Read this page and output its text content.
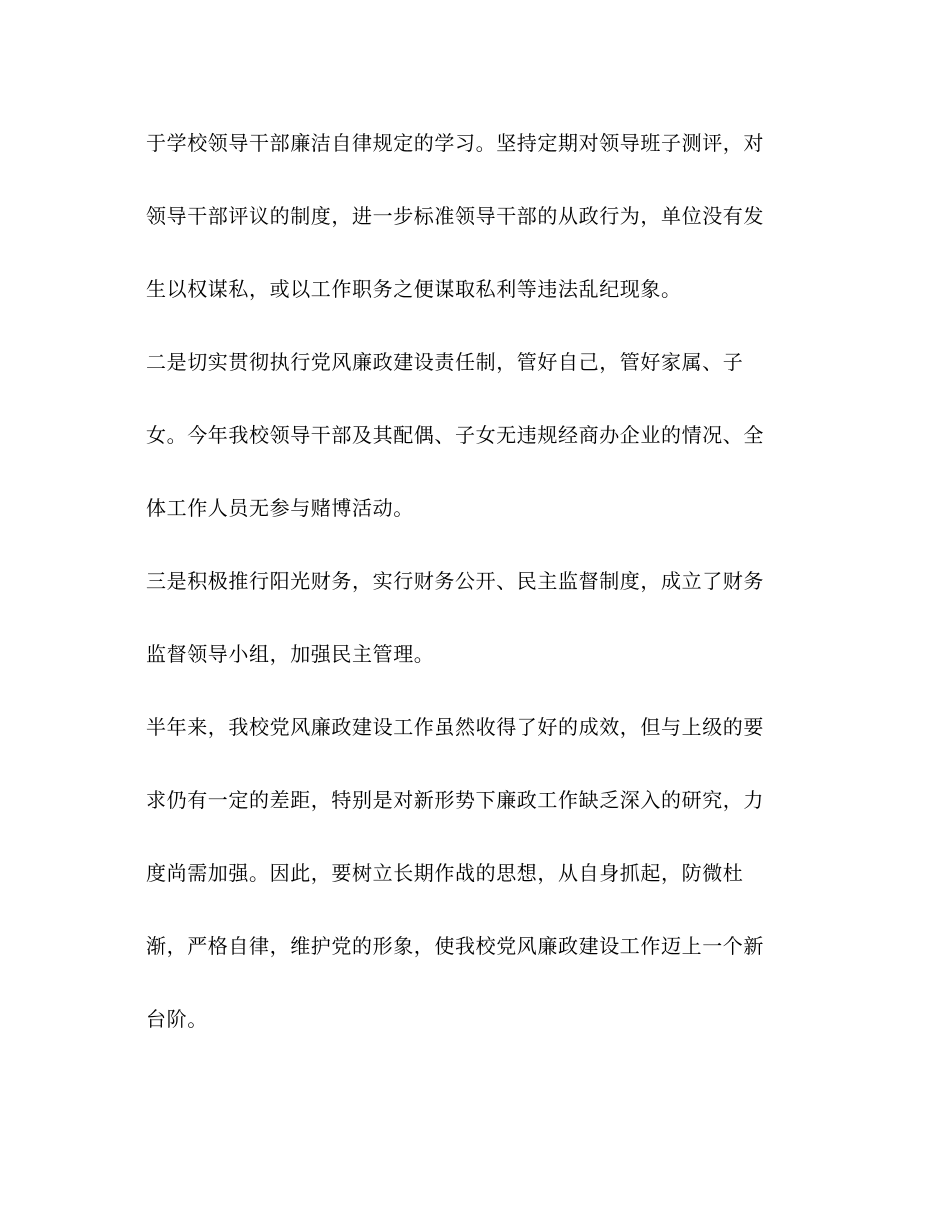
于学校领导干部廉洁自律规定的学习。坚持定期对领导班子测评，对
领导干部评议的制度，进一步标准领导干部的从政行为，单位没有发
生以权谋私，或以工作职务之便谋取私利等违法乱纪现象。
二是切实贯彻执行党风廉政建设责任制，管好自己，管好家属、子
女。今年我校领导干部及其配偶、子女无违规经商办企业的情况、全
体工作人员无参与赌博活动。
三是积极推行阳光财务，实行财务公开、民主监督制度，成立了财务
监督领导小组，加强民主管理。
半年来，我校党风廉政建设工作虽然收得了好的成效，但与上级的要
求仍有一定的差距，特别是对新形势下廉政工作缺乏深入的研究，力
度尚需加强。因此，要树立长期作战的思想，从自身抓起，防微杜
渐，严格自律，维护党的形象，使我校党风廉政建设工作迈上一个新
台阶。
